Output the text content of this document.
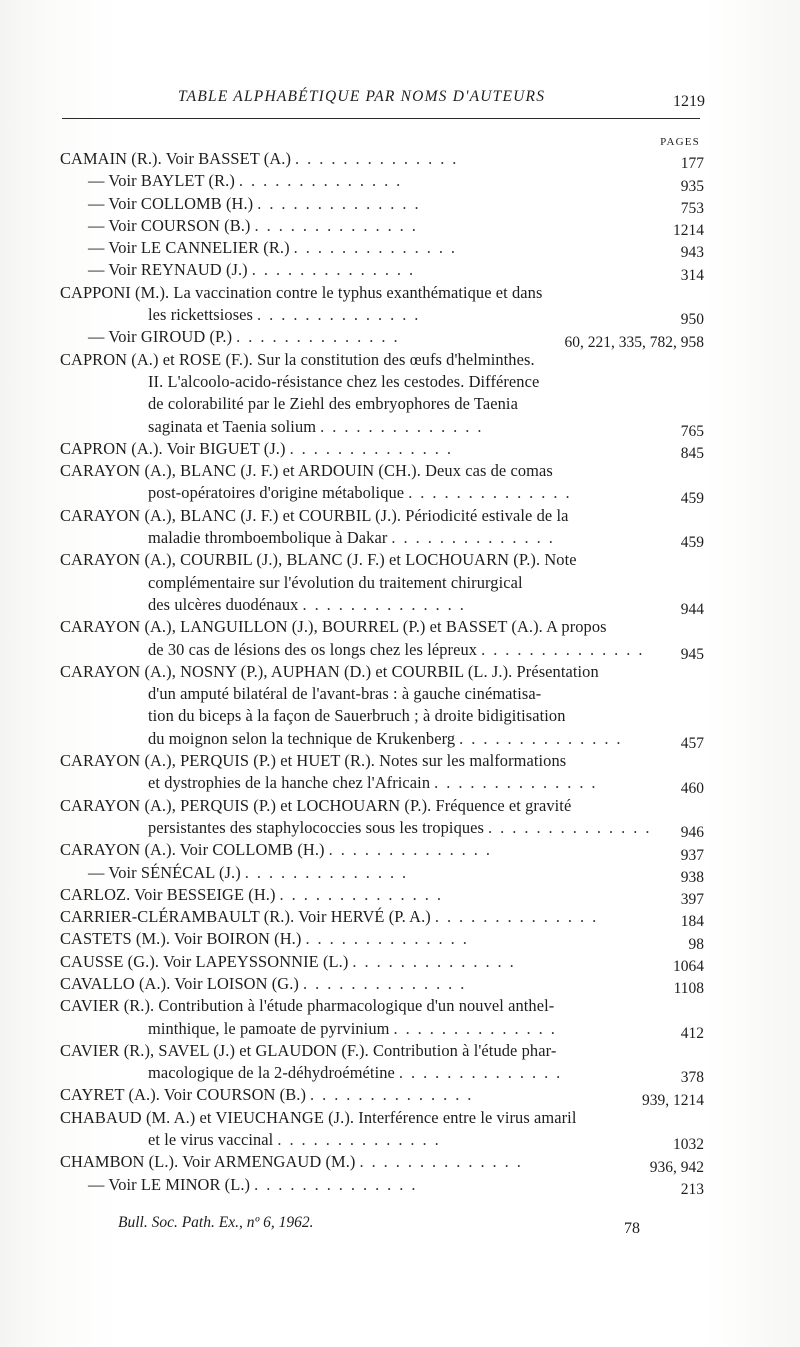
TABLE ALPHABÉTIQUE PAR NOMS D'AUTEURS	1219
PAGES
CAMAIN (R.). Voir BASSET (A.) ..............	177
— Voir BAYLET (R.) ..............	935
— Voir COLLOMB (H.) ..............	753
— Voir COURSON (B.) ..............	1214
— Voir LE CANNELIER (R.) ..............	943
— Voir REYNAUD (J.) ..............	314
CAPPONI (M.). La vaccination contre le typhus exanthématique et dans
les rickettsioses ..............	950
— Voir GIROUD (P.) ..............	60, 221, 335, 782, 958
CAPRON (A.) et ROSE (F.). Sur la constitution des œufs d'helminthes.
II. L'alcoolo-acido-résistance chez les cestodes. Différence
de colorabilité par le Ziehl des embryophores de Taenia
saginata et Taenia solium ..............	765
CAPRON (A.). Voir BIGUET (J.) ..............	845
CARAYON (A.), BLANC (J. F.) et ARDOUIN (CH.). Deux cas de comas
post-opératoires d'origine métabolique ..............	459
CARAYON (A.), BLANC (J. F.) et COURBIL (J.). Périodicité estivale de la
maladie thromboembolique à Dakar ..............	459
CARAYON (A.), COURBIL (J.), BLANC (J. F.) et LOCHOUARN (P.). Note
complémentaire sur l'évolution du traitement chirurgical
des ulcères duodénaux ..............	944
CARAYON (A.), LANGUILLON (J.), BOURREL (P.) et BASSET (A.). A propos
de 30 cas de lésions des os longs chez les lépreux ..............	945
CARAYON (A.), NOSNY (P.), AUPHAN (D.) et COURBIL (L. J.). Présentation
d'un amputé bilatéral de l'avant-bras : à gauche cinématisa-
tion du biceps à la façon de Sauerbruch ; à droite bidigitisation
du moignon selon la technique de Krukenberg ..............	457
CARAYON (A.), PERQUIS (P.) et HUET (R.). Notes sur les malformations
et dystrophies de la hanche chez l'Africain ..............	460
CARAYON (A.), PERQUIS (P.) et LOCHOUARN (P.). Fréquence et gravité
persistantes des staphylococcies sous les tropiques ..............	946
CARAYON (A.). Voir COLLOMB (H.) ..............	937
— Voir SÉNÉCAL (J.) ..............	938
CARLOZ. Voir BESSEIGE (H.) ..............	397
CARRIER-CLÉRAMBAULT (R.). Voir HERVÉ (P. A.) ..............	184
CASTETS (M.). Voir BOIRON (H.) ..............	98
CAUSSE (G.). Voir LAPEYSSONNIE (L.) ..............	1064
CAVALLO (A.). Voir LOISON (G.) ..............	1108
CAVIER (R.). Contribution à l'étude pharmacologique d'un nouvel anthel-
minthique, le pamoate de pyrvinium ..............	412
CAVIER (R.), SAVEL (J.) et GLAUDON (F.). Contribution à l'étude phar-
macologique de la 2-déhydroémétine ..............	378
CAYRET (A.). Voir COURSON (B.) ..............	939, 1214
CHABAUD (M. A.) et VIEUCHANGE (J.). Interférence entre le virus amaril
et le virus vaccinal ..............	1032
CHAMBON (L.). Voir ARMENGAUD (M.) ..............	936, 942
— Voir LE MINOR (L.) ..............	213
Bull. Soc. Path. Ex., nº 6, 1962.	78
